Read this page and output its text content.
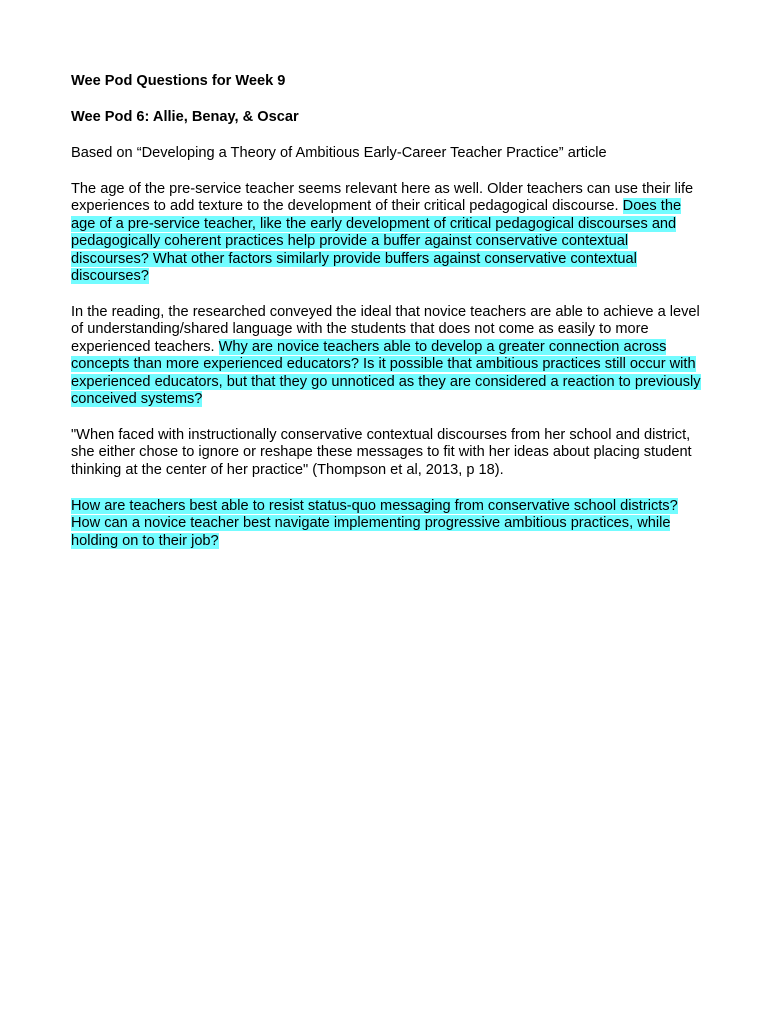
Wee Pod Questions for Week 9

Wee Pod 6: Allie, Benay, & Oscar

Based on “Developing a Theory of Ambitious Early-Career Teacher Practice” article

The age of the pre-service teacher seems relevant here as well. Older teachers can use their life experiences to add texture to the development of their critical pedagogical discourse. Does the age of a pre-service teacher, like the early development of critical pedagogical discourses and pedagogically coherent practices help provide a buffer against conservative contextual discourses? What other factors similarly provide buffers against conservative contextual discourses?

In the reading, the researched conveyed the ideal that novice teachers are able to achieve a level of understanding/shared language with the students that does not come as easily to more experienced teachers. Why are novice teachers able to develop a greater connection across concepts than more experienced educators? Is it possible that ambitious practices still occur with experienced educators, but that they go unnoticed as they are considered a reaction to previously conceived systems?

"When faced with instructionally conservative contextual discourses from her school and district, she either chose to ignore or reshape these messages to fit with her ideas about placing student thinking at the center of her practice" (Thompson et al, 2013, p 18).

How are teachers best able to resist status-quo messaging from conservative school districts? How can a novice teacher best navigate implementing progressive ambitious practices, while holding on to their job?
